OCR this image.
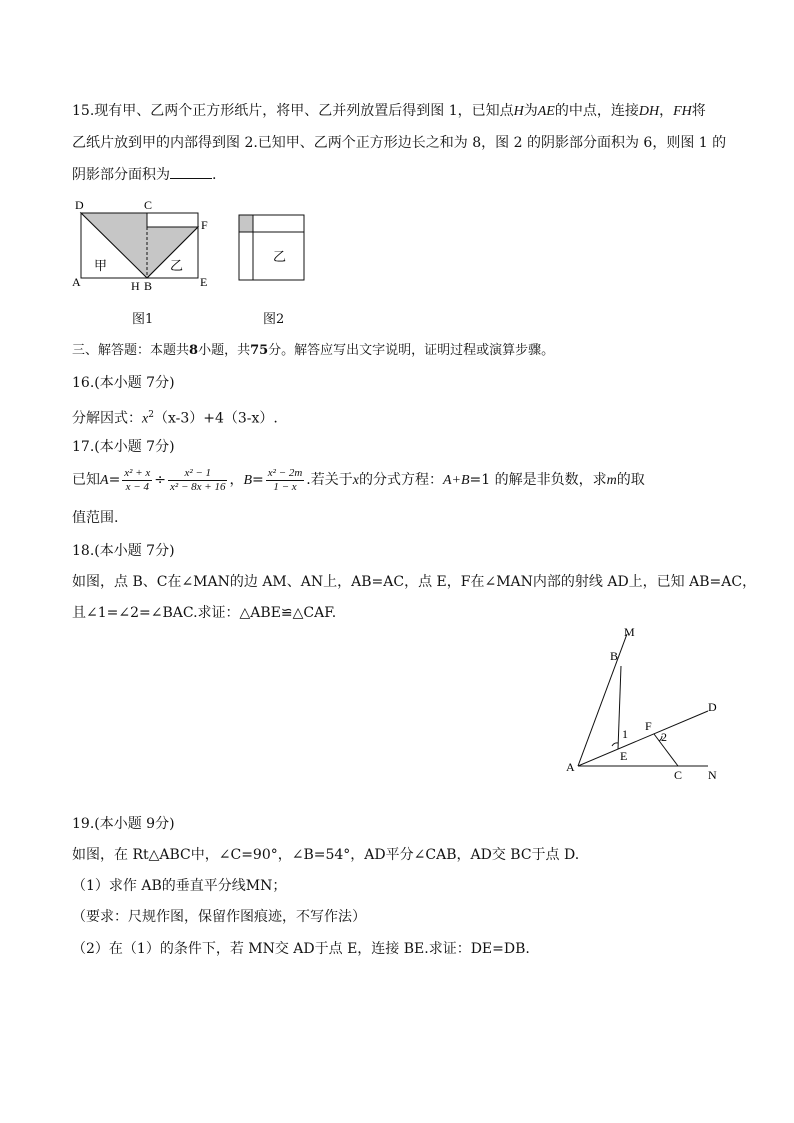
15.现有甲、乙两个正方形纸片，将甲、乙并列放置后得到图 1，已知点H为AE的中点，连接DH，FH将
乙纸片放到甲的内部得到图 2.已知甲、乙两个正方形边长之和为 8，图 2 的阴影部分面积为 6，则图 1 的
阴影部分面积为	.
D	C
F
A	H B	E
甲	乙
图1
乙
图2
三、解答题：本题共8小题，共75分。解答应写出文字说明，证明过程或演算步骤。
16.(本小题 7分)
分解因式：$x^2(x-3)+4(3-x)$.
17.(本小题 7分)
已知$A= \frac{\text{x² + x}}{x - 4} \div \frac{\text{x² − 1}}{\text{x² − 8x + 16}}$ ，$B= \frac{\text{x² − 2m}}{1 - x}$ .若关于x的分式方程：A+B=1 的解是非负数，求m的取
值范围.
18.(本小题 7分)
如图，点 B、C在∠MAN的边 AM、AN上，AB=AC，点 E，F在∠MAN内部的射线 AD上，已知 AB=AC，
且∠1=∠2=∠BAC.求证：△ABE≌△CAF.
M
B
D
F
1	2
A
E
C N
19.(本小题 9分)
如图，在 Rt△ABC中，∠C=90°，∠B=54°，AD平分∠CAB，AD交 BC于点 D.
（1）求作 AB的垂直平分线MN；
（要求：尺规作图，保留作图痕迹，不写作法）
（2）在（1）的条件下，若 MN交 AD于点 E，连接 BE.求证：DE=DB.
